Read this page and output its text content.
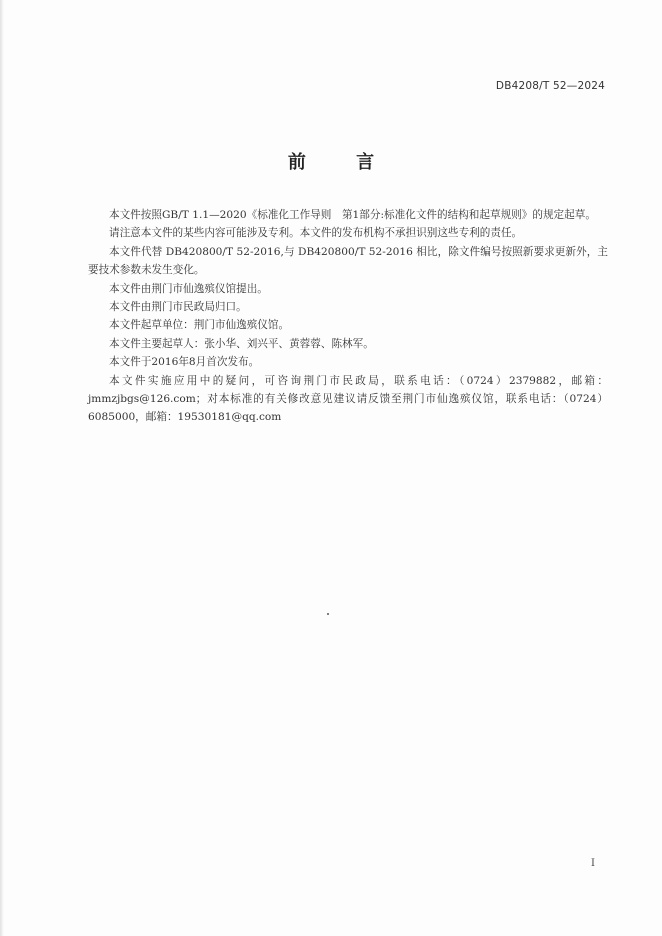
DB4208/T 52—2024
前 言

本文件按照GB/T 1.1—2020《标准化工作导则　第1部分:标准化文件的结构和起草规则》的规定起草。

请注意本文件的某些内容可能涉及专利。本文件的发布机构不承担识别这些专利的责任。

本文件代替 DB420800/T 52-2016,与 DB420800/T 52-2016 相比，除文件编号按照新要求更新外，主要技术参数未发生变化。

本文件由荆门市仙逸殡仪馆提出。

本文件由荆门市民政局归口。

本文件起草单位：荆门市仙逸殡仪馆。

本文件主要起草人：张小华、刘兴平、黄蓉蓉、陈林军。

本文件于2016年8月首次发布。

本文件实施应用中的疑问，可咨询荆门市民政局，联系电话：（0724）2379882，邮箱：jmmzjbgs@126.com；对本标准的有关修改意见建议请反馈至荆门市仙逸殡仪馆，联系电话：（0724）6085000，邮箱：19530181@qq.com

I
